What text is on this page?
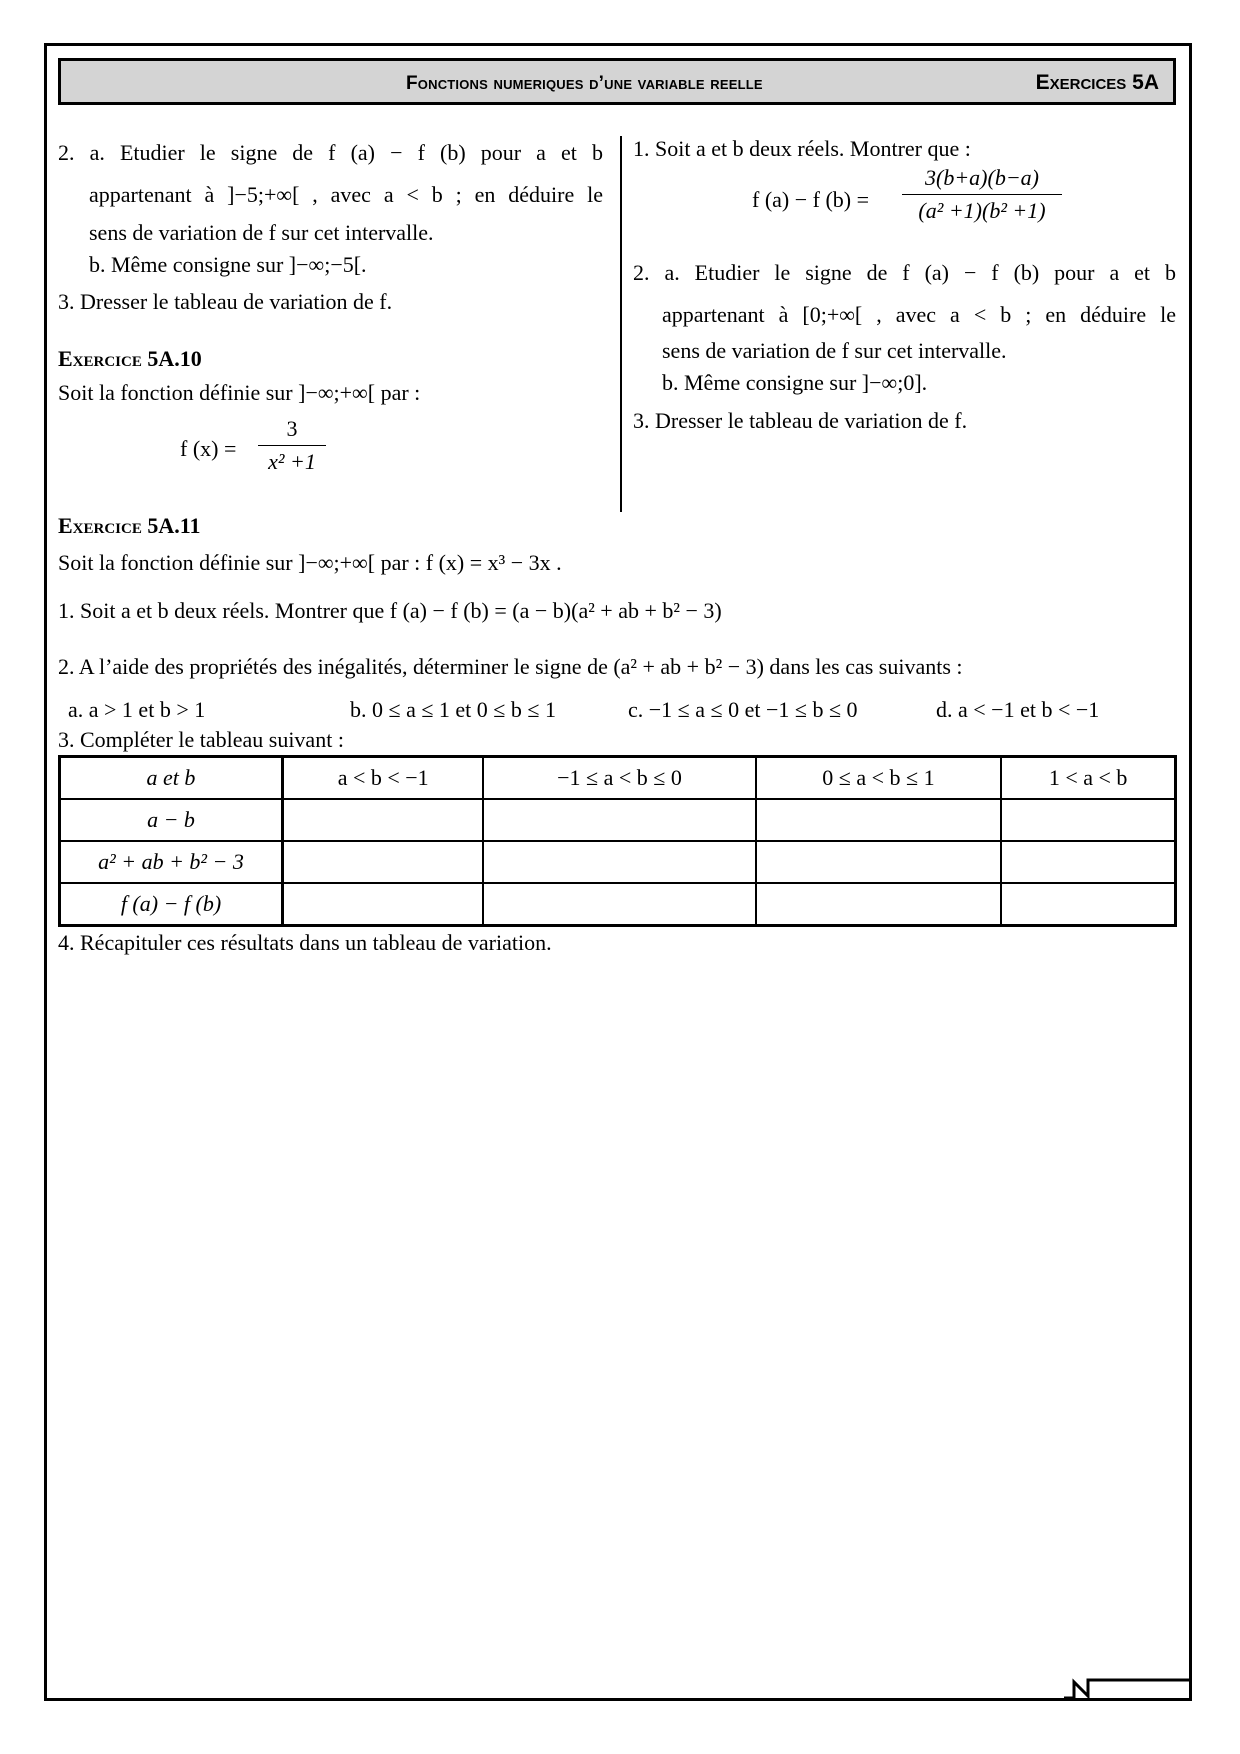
Fonctions numeriques d’une variable reelle	Exercices 5A
2. a. Etudier le signe de f (a) − f (b) pour a et b
appartenant à ]−5;+∞[ , avec a < b ; en déduire le
sens de variation de f sur cet intervalle.
b. Même consigne sur ]−∞;−5[.
3. Dresser le tableau de variation de f.
Exercice 5A.10
Soit la fonction définie sur ]−∞;+∞[ par :
f (x) =
3
x² +1
1. Soit a et b deux réels. Montrer que :
f (a) − f (b) =
3(b+a)(b−a)
(a² +1)(b² +1)
2. a. Etudier le signe de f (a) − f (b) pour a et b
appartenant à [0;+∞[ , avec a < b ; en déduire le
sens de variation de f sur cet intervalle.
b. Même consigne sur ]−∞;0].
3. Dresser le tableau de variation de f.
Exercice 5A.11
Soit la fonction définie sur ]−∞;+∞[ par : f (x) = x³ − 3x .
1. Soit a et b deux réels. Montrer que f (a) − f (b) = (a − b)(a² + ab + b² − 3)
2. A l’aide des propriétés des inégalités, déterminer le signe de (a² + ab + b² − 3) dans les cas suivants :
a. a > 1 et b > 1	b. 0 ≤ a ≤ 1 et 0 ≤ b ≤ 1	c. −1 ≤ a ≤ 0 et −1 ≤ b ≤ 0	d. a < −1 et b < −1
3. Compléter le tableau suivant :
a et b	a < b < −1	−1 ≤ a < b ≤ 0	0 ≤ a < b ≤ 1	1 < a < b
a − b				
a² + ab + b² − 3				
f (a) − f (b)				
4. Récapituler ces résultats dans un tableau de variation.
